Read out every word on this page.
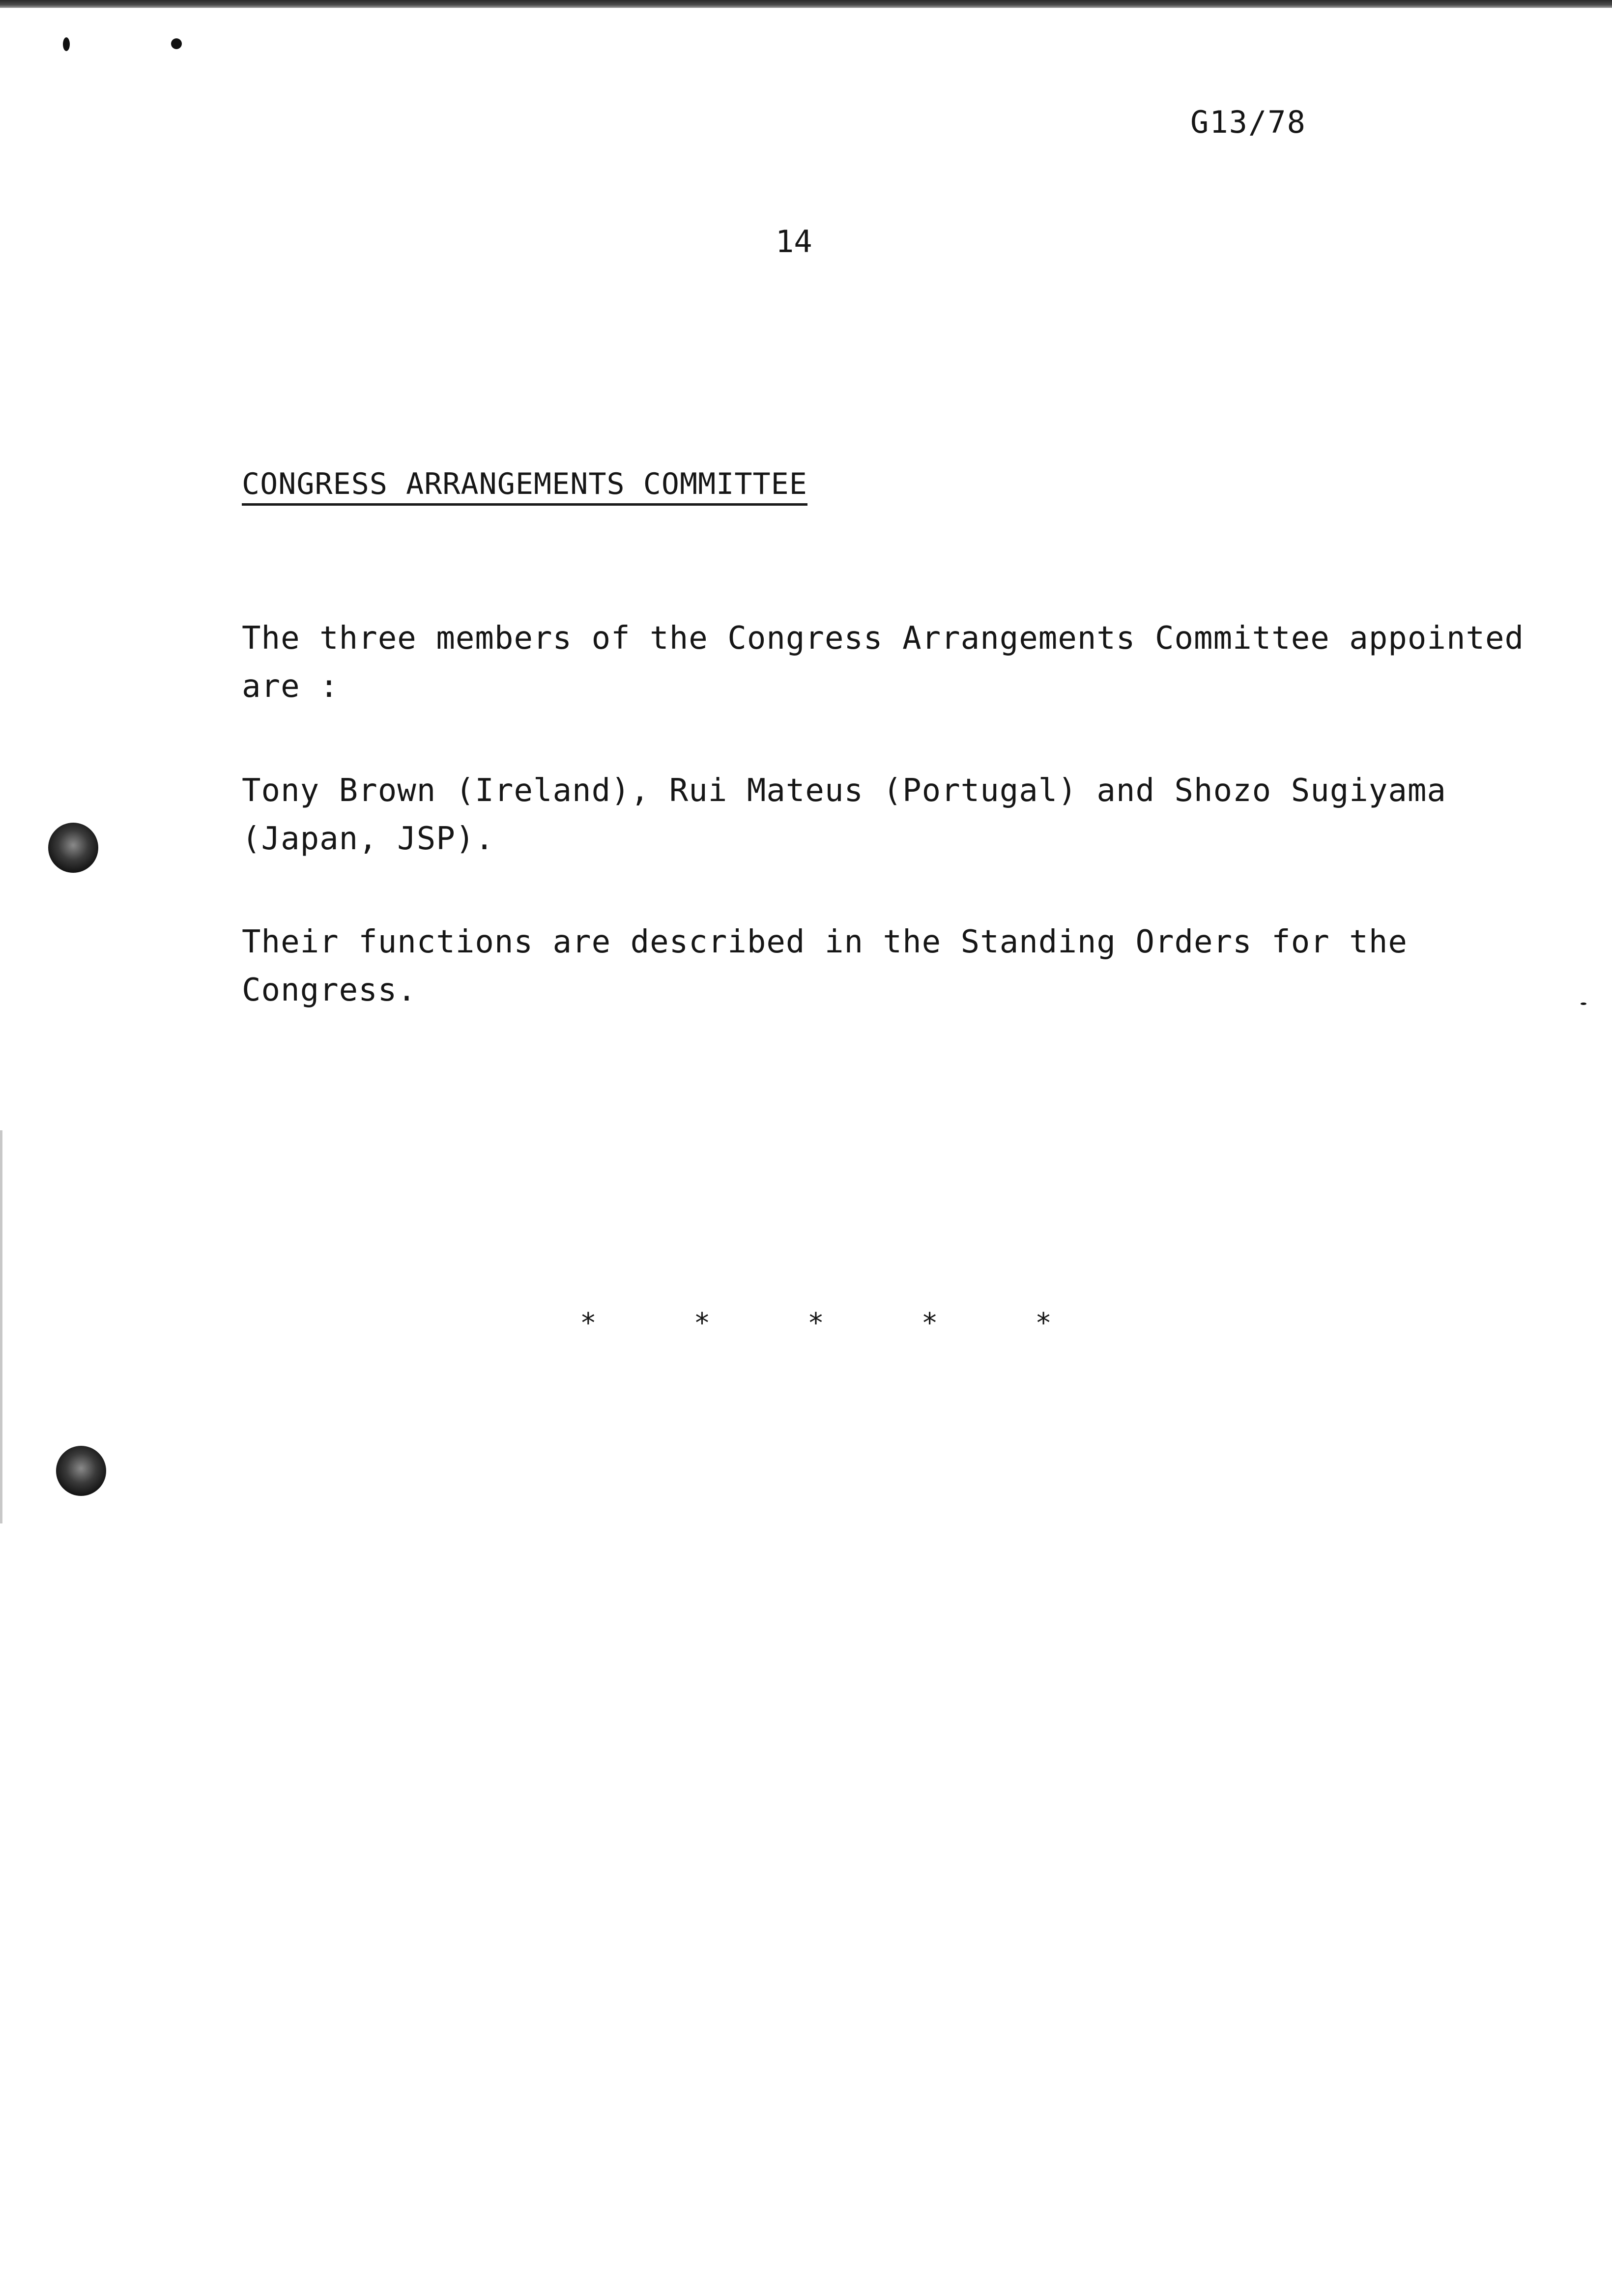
G13/78
14
CONGRESS ARRANGEMENTS COMMITTEE

The three members of the Congress Arrangements Committee appointed are :

Tony Brown (Ireland), Rui Mateus (Portugal) and Shozo Sugiyama (Japan, JSP).

Their functions are described in the Standing Orders for the Congress.

*	*	*	*	*
